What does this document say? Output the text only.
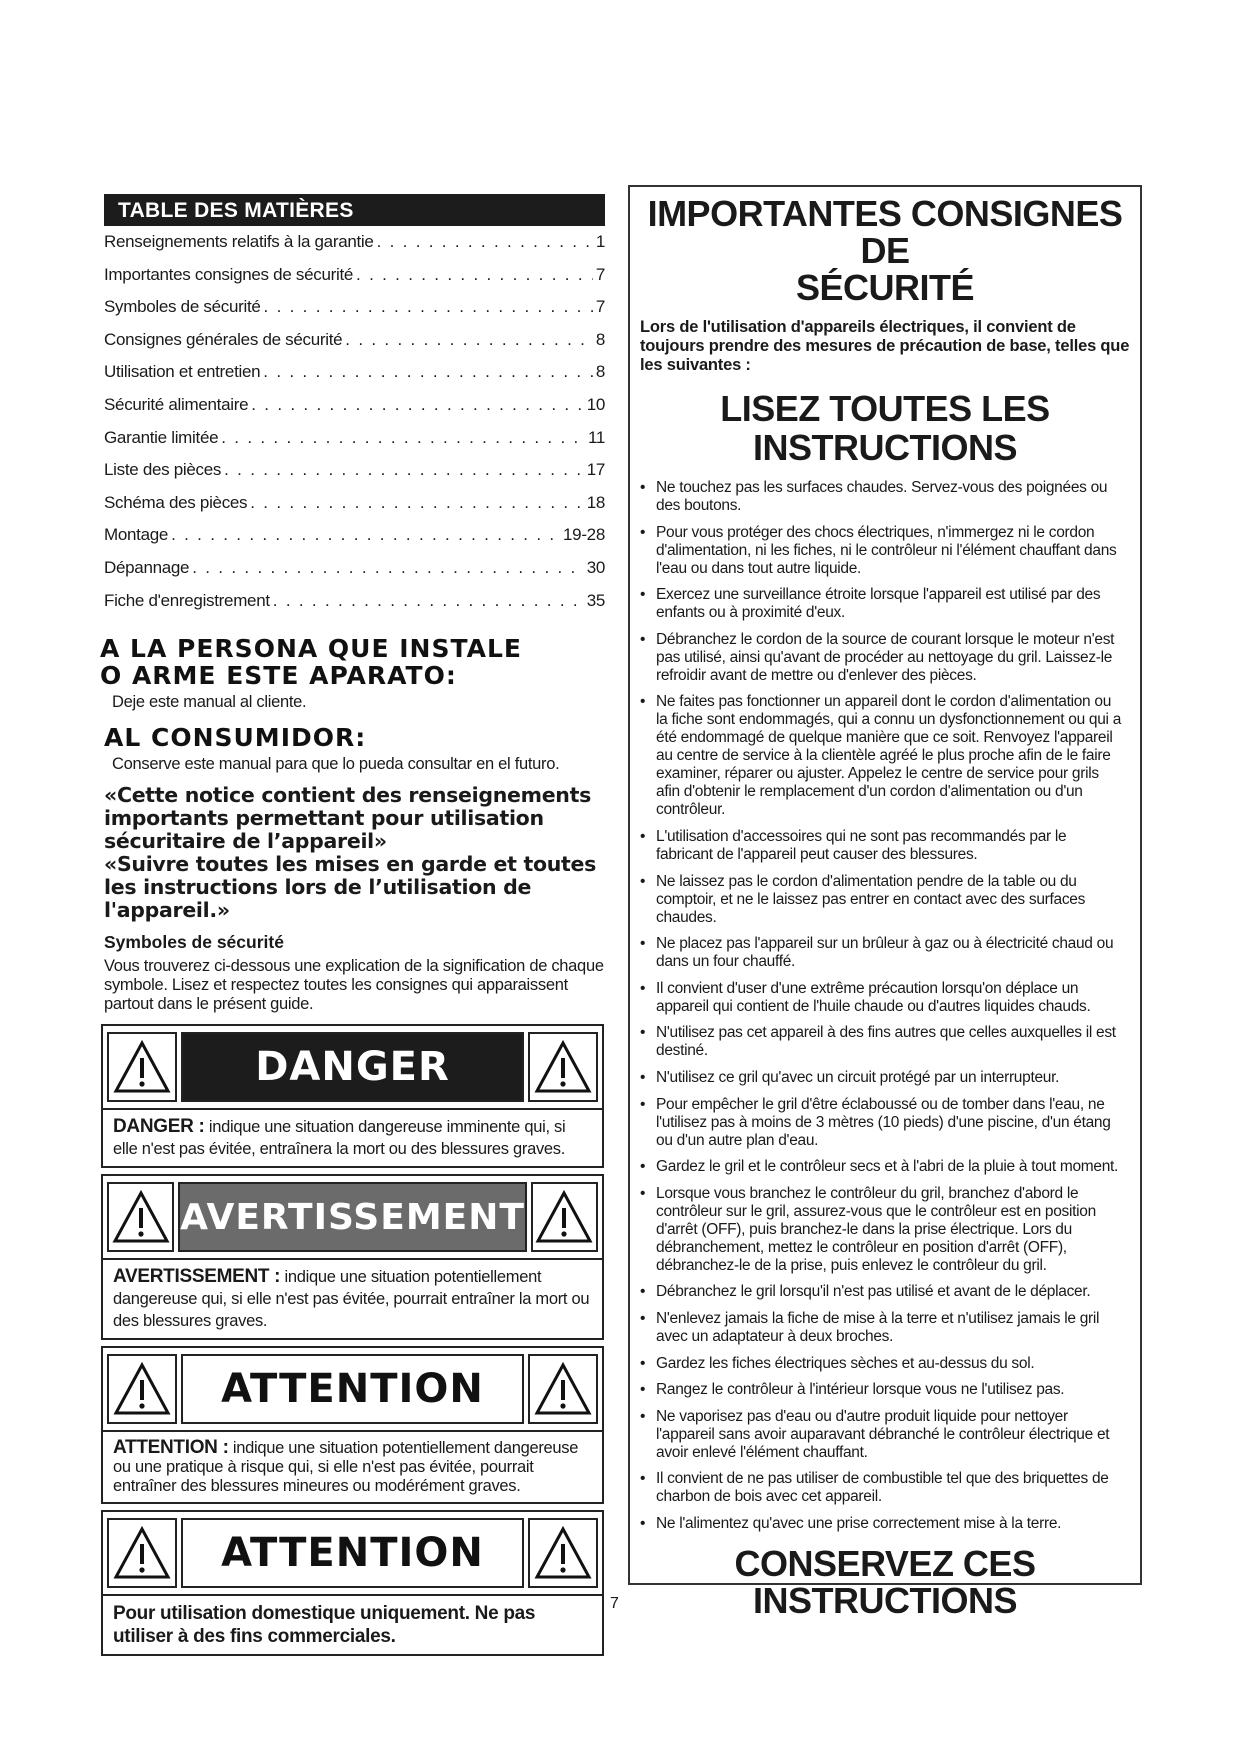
TABLE DES MATIÈRES
Renseignements relatifs à la garantie . . .	1
Importantes consignes de sécurité . . .	7
Symboles de sécurité . . .	7
Consignes générales de sécurité . . .	8
Utilisation et entretien . . .	8
Sécurité alimentaire . . .	10
Garantie limitée . . .	11
Liste des pièces . . .	17
Schéma des pièces . . .	18
Montage . . .	19-28
Dépannage . . .	30
Fiche d'enregistrement . . .	35
A LA PERSONA QUE INSTALE
O ARME ESTE APARATO:
Deje este manual al cliente.
AL CONSUMIDOR:
Conserve este manual para que lo pueda consultar en el futuro.
«Cette notice contient des renseignements importants permettant pour utilisation sécuritaire de l’appareil»
«Suivre toutes les mises en garde et toutes les instructions lors de l’utilisation de l'appareil.»
Symboles de sécurité
Vous trouverez ci-dessous une explication de la signification de chaque symbole. Lisez et respectez toutes les consignes qui apparaissent partout dans le présent guide.
DANGER
DANGER : indique une situation dangereuse imminente qui, si elle n'est pas évitée, entraînera la mort ou des blessures graves.
AVERTISSEMENT
AVERTISSEMENT : indique une situation potentiellement dangereuse qui, si elle n'est pas évitée, pourrait entraîner la mort ou des blessures graves.
ATTENTION
ATTENTION : indique une situation potentiellement dangereuse ou une pratique à risque qui, si elle n'est pas évitée, pourrait entraîner des blessures mineures ou modérément graves.
ATTENTION
Pour utilisation domestique uniquement. Ne pas utiliser à des fins commerciales.
IMPORTANTES CONSIGNES DE
SÉCURITÉ
Lors de l'utilisation d'appareils électriques, il convient de toujours prendre des mesures de précaution de base, telles que les suivantes :
LISEZ TOUTES LES
INSTRUCTIONS
• Ne touchez pas les surfaces chaudes. Servez-vous des poignées ou des boutons.
• Pour vous protéger des chocs électriques, n'immergez ni le cordon d'alimentation, ni les fiches, ni le contrôleur ni l'élément chauffant dans l'eau ou dans tout autre liquide.
• Exercez une surveillance étroite lorsque l'appareil est utilisé par des enfants ou à proximité d'eux.
• Débranchez le cordon de la source de courant lorsque le moteur n'est pas utilisé, ainsi qu'avant de procéder au nettoyage du gril. Laissez-le refroidir avant de mettre ou d'enlever des pièces.
• Ne faites pas fonctionner un appareil dont le cordon d'alimentation ou la fiche sont endommagés, qui a connu un dysfonctionnement ou qui a été endommagé de quelque manière que ce soit. Renvoyez l'appareil au centre de service à la clientèle agréé le plus proche afin de le faire examiner, réparer ou ajuster. Appelez le centre de service pour grils afin d'obtenir le remplacement d'un cordon d'alimentation ou d'un contrôleur.
• L'utilisation d'accessoires qui ne sont pas recommandés par le fabricant de l'appareil peut causer des blessures.
• Ne laissez pas le cordon d'alimentation pendre de la table ou du comptoir, et ne le laissez pas entrer en contact avec des surfaces chaudes.
• Ne placez pas l'appareil sur un brûleur à gaz ou à électricité chaud ou dans un four chauffé.
• Il convient d'user d'une extrême précaution lorsqu'on déplace un appareil qui contient de l'huile chaude ou d'autres liquides chauds.
• N'utilisez pas cet appareil à des fins autres que celles auxquelles il est destiné.
• N'utilisez ce gril qu'avec un circuit protégé par un interrupteur.
• Pour empêcher le gril d'être éclaboussé ou de tomber dans l'eau, ne l'utilisez pas à moins de 3 mètres (10 pieds) d'une piscine, d'un étang ou d'un autre plan d'eau.
• Gardez le gril et le contrôleur secs et à l'abri de la pluie à tout moment.
• Lorsque vous branchez le contrôleur du gril, branchez d'abord le contrôleur sur le gril, assurez-vous que le contrôleur est en position d'arrêt (OFF), puis branchez-le dans la prise électrique. Lors du débranchement, mettez le contrôleur en position d'arrêt (OFF), débranchez-le de la prise, puis enlevez le contrôleur du gril.
• Débranchez le gril lorsqu'il n'est pas utilisé et avant de le déplacer.
• N'enlevez jamais la fiche de mise à la terre et n'utilisez jamais le gril avec un adaptateur à deux broches.
• Gardez les fiches électriques sèches et au-dessus du sol.
• Rangez le contrôleur à l'intérieur lorsque vous ne l'utilisez pas.
• Ne vaporisez pas d'eau ou d'autre produit liquide pour nettoyer l'appareil sans avoir auparavant débranché le contrôleur électrique et avoir enlevé l'élément chauffant.
• Il convient de ne pas utiliser de combustible tel que des briquettes de charbon de bois avec cet appareil.
• Ne l'alimentez qu'avec une prise correctement mise à la terre.
CONSERVEZ CES
INSTRUCTIONS
7
